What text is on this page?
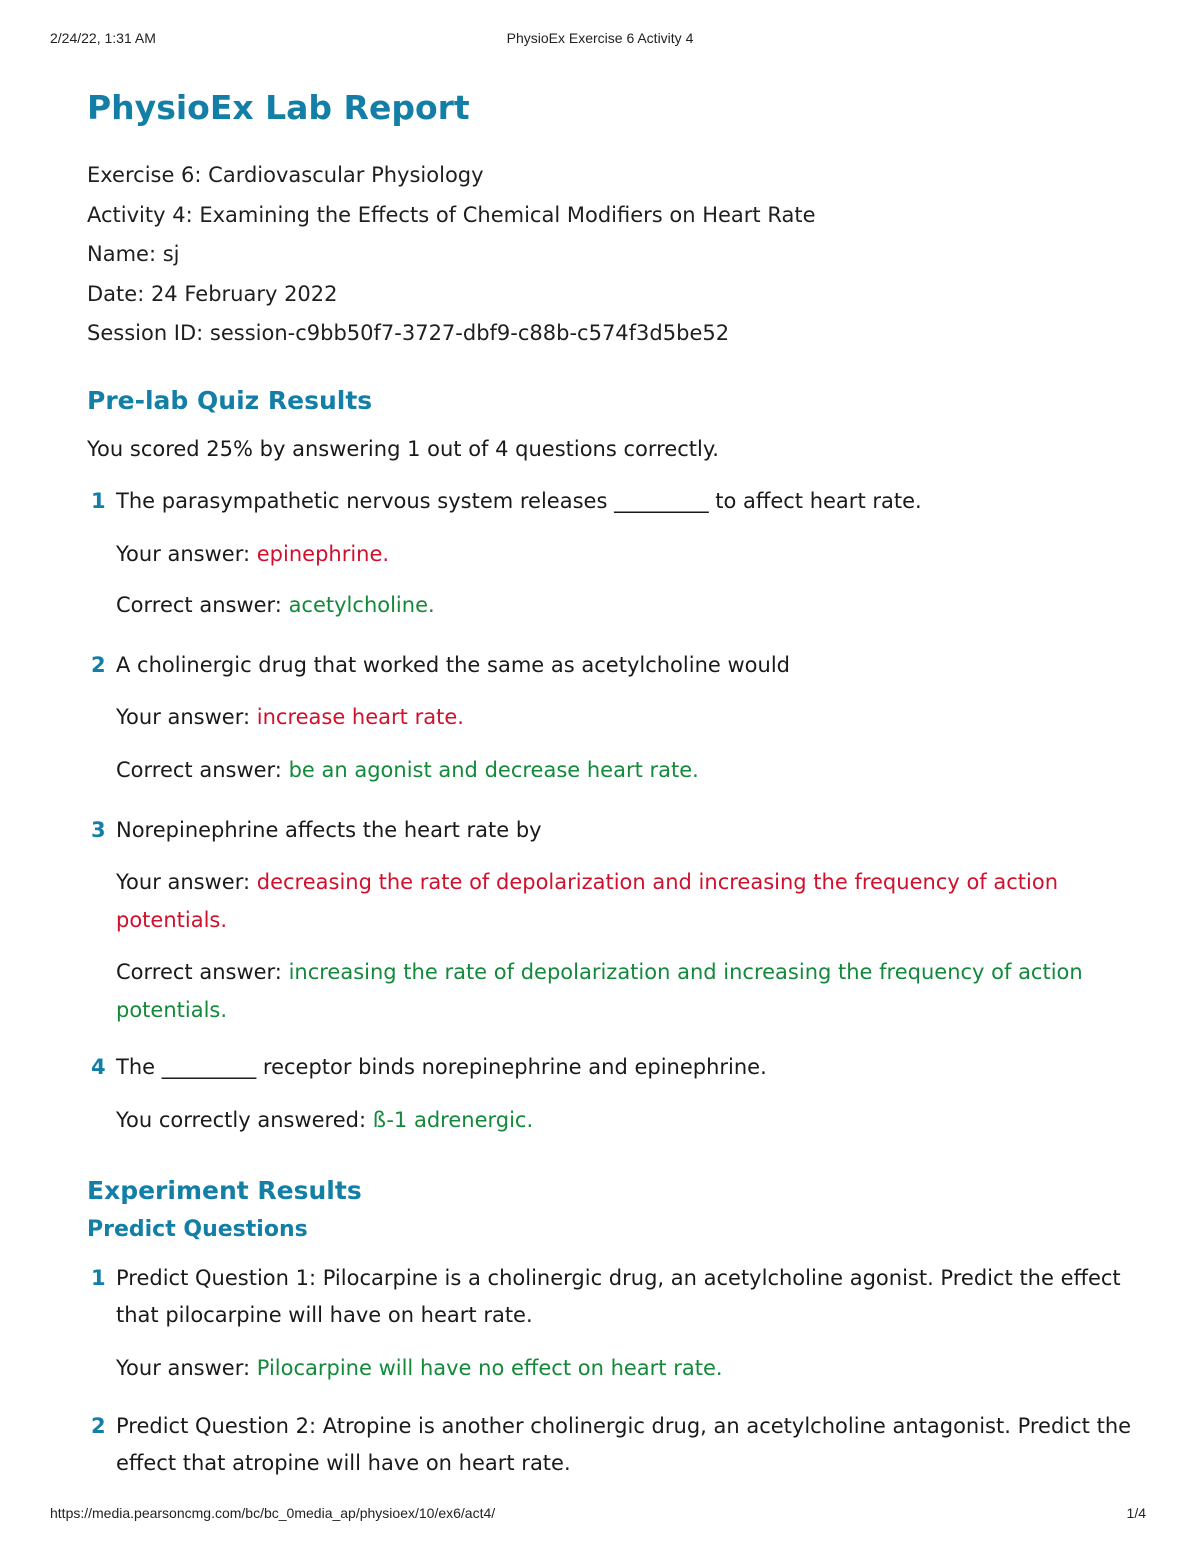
2/24/22, 1:31 AM	PhysioEx Exercise 6 Activity 4
PhysioEx Lab Report
Exercise 6: Cardiovascular Physiology
Activity 4: Examining the Effects of Chemical Modifiers on Heart Rate
Name: sj
Date: 24 February 2022
Session ID: session-c9bb50f7-3727-dbf9-c88b-c574f3d5be52
Pre-lab Quiz Results
You scored 25% by answering 1 out of 4 questions correctly.
1 The parasympathetic nervous system releases _________ to affect heart rate.
Your answer: epinephrine.
Correct answer: acetylcholine.
2 A cholinergic drug that worked the same as acetylcholine would
Your answer: increase heart rate.
Correct answer: be an agonist and decrease heart rate.
3 Norepinephrine affects the heart rate by
Your answer: decreasing the rate of depolarization and increasing the frequency of action potentials.
Correct answer: increasing the rate of depolarization and increasing the frequency of action potentials.
4 The _________ receptor binds norepinephrine and epinephrine.
You correctly answered: ß-1 adrenergic.
Experiment Results
Predict Questions
1 Predict Question 1: Pilocarpine is a cholinergic drug, an acetylcholine agonist. Predict the effect that pilocarpine will have on heart rate.
Your answer: Pilocarpine will have no effect on heart rate.
2 Predict Question 2: Atropine is another cholinergic drug, an acetylcholine antagonist. Predict the effect that atropine will have on heart rate.
https://media.pearsoncmg.com/bc/bc_0media_ap/physioex/10/ex6/act4/	1/4
